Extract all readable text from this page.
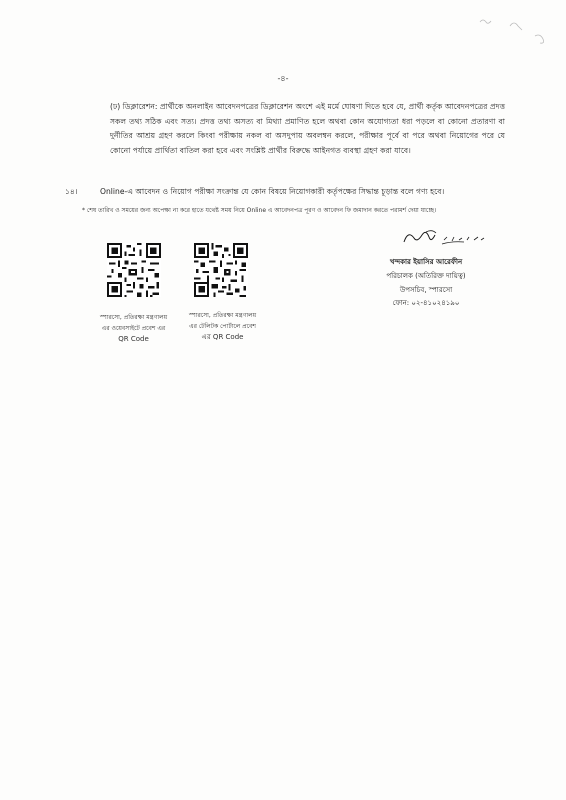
-৪-
(ঢ) ডিক্লারেশন: প্রার্থীকে অনলাইন আবেদনপত্রের ডিক্লারেশন অংশে এই মর্মে ঘোষণা দিতে হবে যে, প্রার্থী কর্তৃক আবেদনপত্রের প্রদত্ত সকল তথ্য সঠিক এবং সত্য। প্রদত্ত তথ্য অসত্য বা মিথ্যা প্রমাণিত হলে অথবা কোন অযোগ্যতা ধরা পড়লে বা কোনো প্রতারণা বা দুর্নীতির আশ্রয় গ্রহণ করলে কিংবা পরীক্ষায় নকল বা অসদুপায় অবলম্বন করলে, পরীক্ষার পূর্বে বা পরে অথবা নিয়োগের পরে যে কোনো পর্যায়ে প্রার্থিতা বাতিল করা হবে এবং সংশ্লিষ্ট প্রার্থীর বিরুদ্ধে আইনগত ব্যবস্থা গ্রহণ করা যাবে।
১৪।	Online-এ আবেদন ও নিয়োগ পরীক্ষা সংক্রান্ত যে কোন বিষয়ে নিয়োগকারী কর্তৃপক্ষের সিদ্ধান্ত চূড়ান্ত বলে গণ্য হবে।
* শেষ তারিখ ও সময়ের জন্য অপেক্ষা না করে হাতে যথেষ্ট সময় নিয়ে Online এ আবেদনপত্র পূরণ ও আবেদন ফি জমাদান করতে পরামর্শ দেয়া যাচ্ছে।
স্পারসো, প্রতিরক্ষা মন্ত্রণালয়
এর ওয়েবসাইটে প্রবেশ এর
QR Code
স্পারসো, প্রতিরক্ষা মন্ত্রণালয়
এর টেলিটক পোর্টালে প্রবেশ
এর QR Code
খন্দকার ইয়াসির আরেফীন
পরিচালক (অতিরিক্ত দায়িত্ব)
উপসচিব, স্পারসো
ফোন: ০২-৪১০২৪১৯০
